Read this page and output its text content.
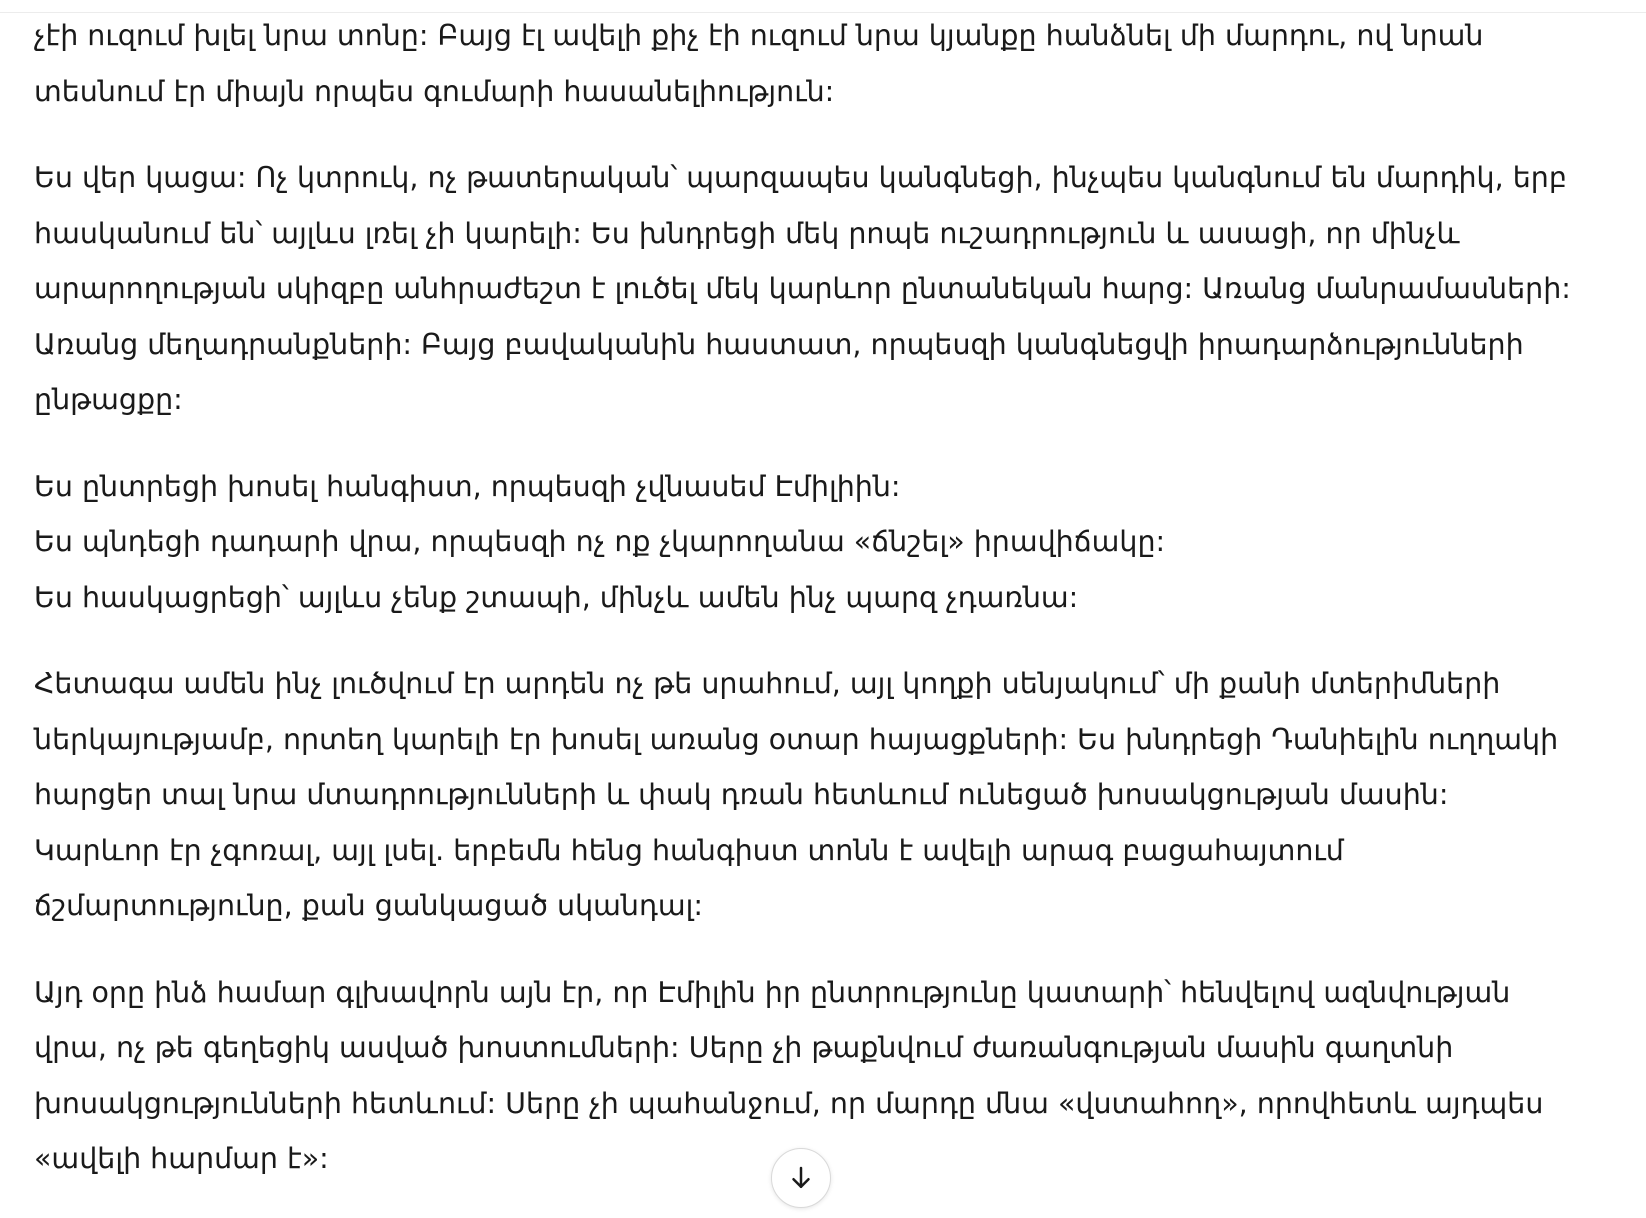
չէի ուզում խլել նրա տոնը: Բայց էլ ավելի քիչ էի ուզում նրա կյանքը հանձնել մի մարդու, ով նրան
տեսնում էր միայն որպես գումարի հասանելիություն:

Ես վեր կացա: Ոչ կտրուկ, ոչ թատերական՝ պարզապես կանգնեցի, ինչպես կանգնում են մարդիկ, երբ
հասկանում են՝ այլևս լռել չի կարելի: Ես խնդրեցի մեկ րոպե ուշադրություն և ասացի, որ մինչև
արարողության սկիզբը անհրաժեշտ է լուծել մեկ կարևոր ընտանեկան հարց: Առանց մանրամասների:
Առանց մեղադրանքների: Բայց բավականին հաստատ, որպեսզի կանգնեցվի իրադարձությունների
ընթացքը:

Ես ընտրեցի խոսել հանգիստ, որպեսզի չվնասեմ Էմիլիին:
Ես պնդեցի դադարի վրա, որպեսզի ոչ ոք չկարողանա «ճնշել» իրավիճակը:
Ես հասկացրեցի՝ այլևս չենք շտապի, մինչև ամեն ինչ պարզ չդառնա:

Հետագա ամեն ինչ լուծվում էր արդեն ոչ թե սրահում, այլ կողքի սենյակում՝ մի քանի մտերիմների
ներկայությամբ, որտեղ կարելի էր խոսել առանց օտար հայացքների: Ես խնդրեցի Դանիելին ուղղակի
հարցեր տալ նրա մտադրությունների և փակ դռան հետևում ունեցած խոսակցության մասին:
Կարևոր էր չգոռալ, այլ լսել. երբեմն հենց հանգիստ տոնն է ավելի արագ բացահայտում
ճշմարտությունը, քան ցանկացած սկանդալ:

Այդ օրը ինձ համար գլխավորն այն էր, որ Էմիլին իր ընտրությունը կատարի՝ հենվելով ազնվության
վրա, ոչ թե գեղեցիկ ասված խոստումների: Սերը չի թաքնվում ժառանգության մասին գաղտնի
խոսակցությունների հետևում: Սերը չի պահանջում, որ մարդը մնա «վստահող», որովհետև այդպես
«ավելի հարմար է»:
